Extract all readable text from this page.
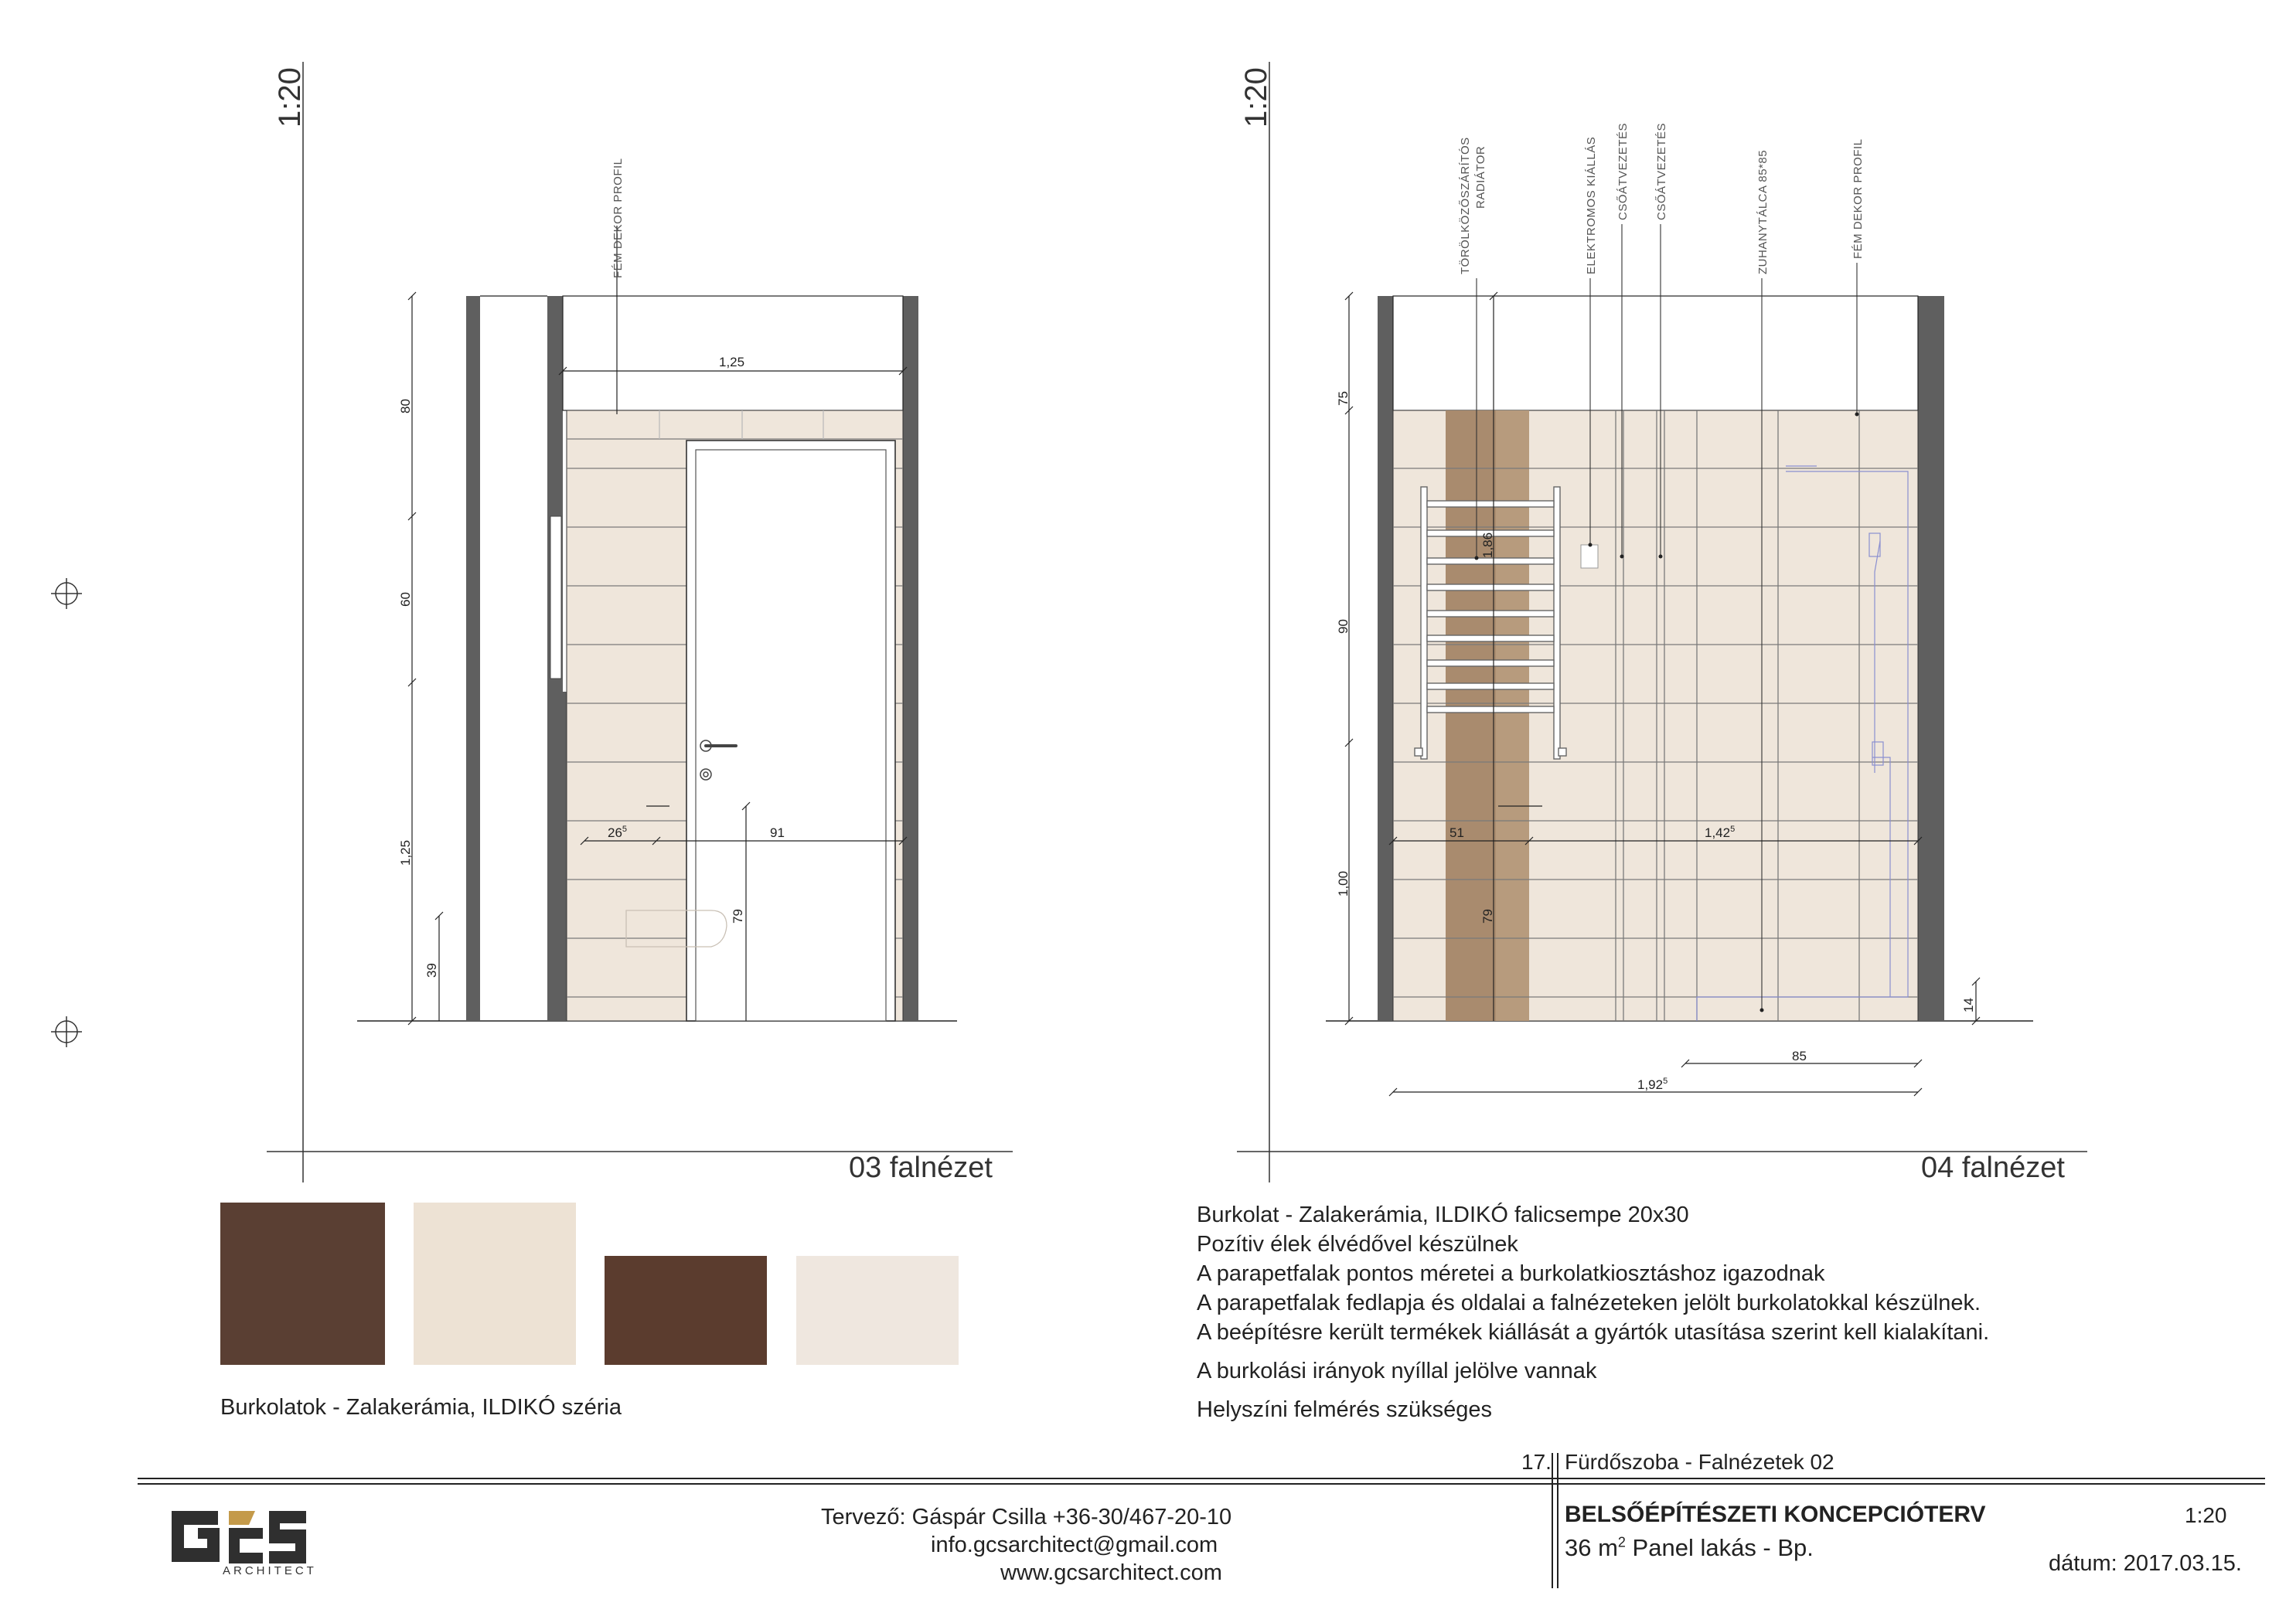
1:20
03 falnézet
FÉM DEKOR PROFIL
1,25
80
60
1,25
39
$26^5$	91
79
1:20
04 falnézet
TÖRÖLKÖZŐSZÁRÍTÓS RADIÁTOR	ELEKTROMOS KIÁLLÁS CSŐÁTVEZETÉS CSŐÁTVEZETÉS	ZUHANYTÁLCA 85*85	FÉM DEKOR PROFIL
75
90
1,00
1,86
51	1,42$^5$
79
14
85
1,92$^5$
ARCHITECT
Burkolat - Zalakerámia, ILDIKÓ falicsempe 20x30
Pozítiv élek élvédővel készülnek
A parapetfalak pontos méretei a burkolatkiosztáshoz igazodnak
A parapetfalak fedlapja és oldalai a falnézeteken jelölt burkolatokkal készülnek.
A beépítésre került termékek kiállását a gyártók utasítása szerint kell kialakítani.
A burkolási irányok nyíllal jelölve vannak
Helyszíni felmérés szükséges
Burkolatok - Zalakerámia, ILDIKÓ széria
17. Fürdőszoba - Falnézetek 02
Tervező: Gáspár Csilla +36-30/467-20-10
info.gcsarchitect@gmail.com
www.gcsarchitect.com
BELSŐÉPÍTÉSZETI KONCEPCIÓTERV
36 $m^2$ Panel lakás - Bp.
1:20
dátum: 2017.03.15.
